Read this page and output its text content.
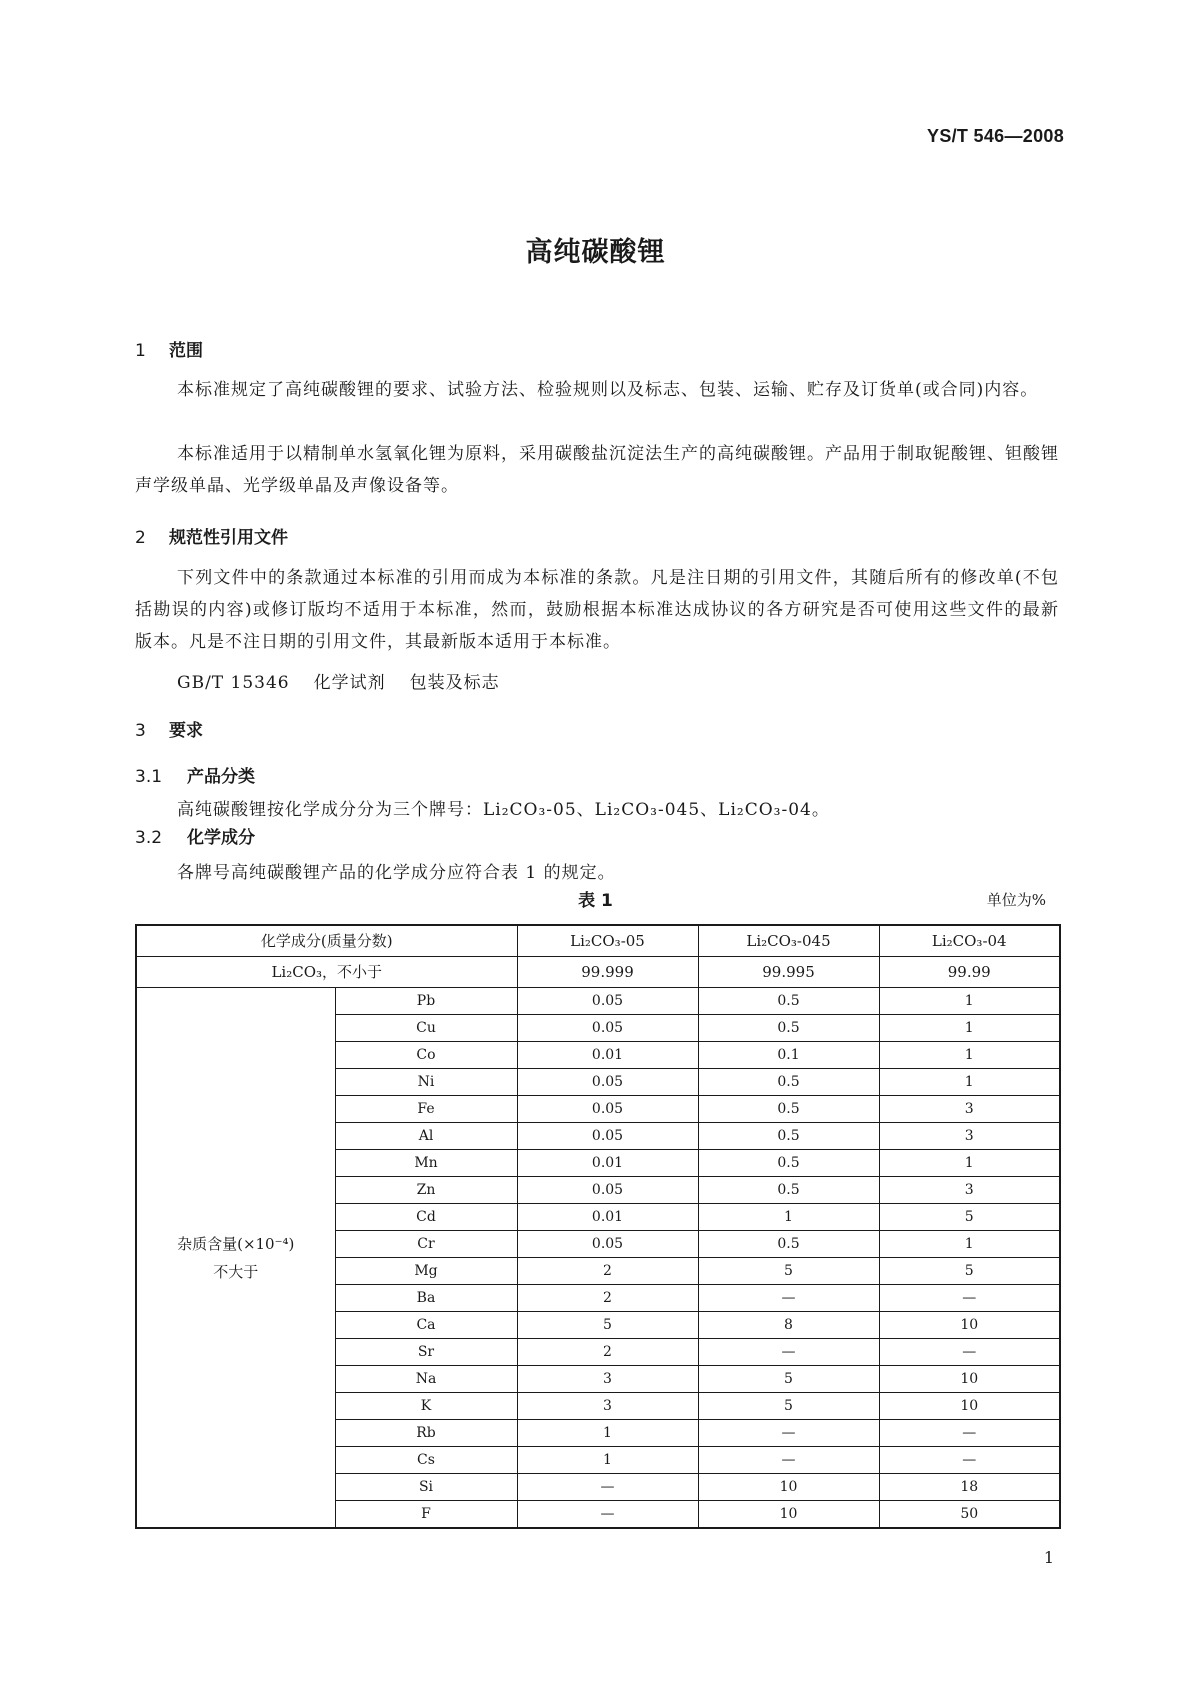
YS/T 546—2008
高纯碳酸锂
1 范围
本标准规定了高纯碳酸锂的要求、试验方法、检验规则以及标志、包装、运输、贮存及订货单(或合同)内容。
本标准适用于以精制单水氢氧化锂为原料，采用碳酸盐沉淀法生产的高纯碳酸锂。产品用于制取铌酸锂、钽酸锂声学级单晶、光学级单晶及声像设备等。
2 规范性引用文件
下列文件中的条款通过本标准的引用而成为本标准的条款。凡是注日期的引用文件，其随后所有的修改单(不包括勘误的内容)或修订版均不适用于本标准，然而，鼓励根据本标准达成协议的各方研究是否可使用这些文件的最新版本。凡是不注日期的引用文件，其最新版本适用于本标准。
GB/T 15346 化学试剂 包装及标志
3 要求
3.1 产品分类
高纯碳酸锂按化学成分分为三个牌号：Li₂CO₃-05、Li₂CO₃-045、Li₂CO₃-04。
3.2 化学成分
各牌号高纯碳酸锂产品的化学成分应符合表 1 的规定。
表 1	单位为%
化学成分(质量分数)		Li₂CO₃-05	Li₂CO₃-045	Li₂CO₃-04
Li₂CO₃，不小于		99.999	99.995	99.99

杂质含量(×10⁻⁴)
不大于	Pb	0.05	0.5	1
	Cu	0.05	0.5	1
	Co	0.01	0.1	1
	Ni	0.05	0.5	1
	Fe	0.05	0.5	3
	Al	0.05	0.5	3
	Mn	0.01	0.5	1
	Zn	0.05	0.5	3
	Cd	0.01	1	5
	Cr	0.05	0.5	1
	Mg	2	5	5
	Ba	2	—	—
	Ca	5	8	10
	Sr	2	—	—
	Na	3	5	10
	K	3	5	10
	Rb	1	—	—
	Cs	1	—	—
	Si	—	10	18
	F	—	10	50
1
